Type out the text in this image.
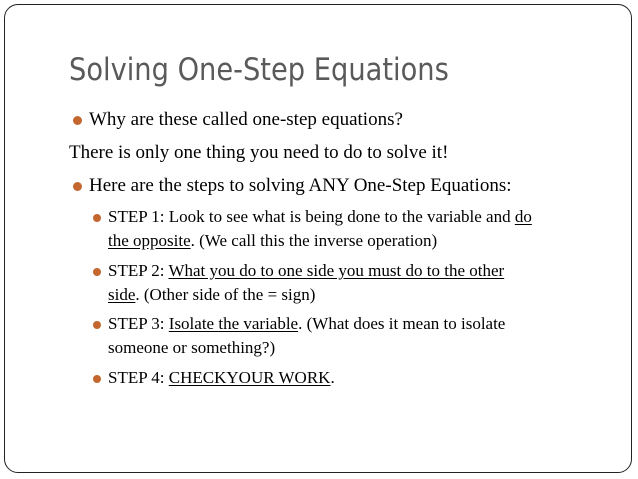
Solving One-Step Equations
Why are these called one-step equations?
There is only one thing you need to do to solve it!
Here are the steps to solving ANY One-Step Equations:
STEP 1: Look to see what is being done to the variable and do
the opposite. (We call this the inverse operation)
STEP 2: What you do to one side you must do to the other
side. (Other side of the = sign)
STEP 3: Isolate the variable. (What does it mean to isolate
someone or something?)
STEP 4: CHECKYOUR WORK.
